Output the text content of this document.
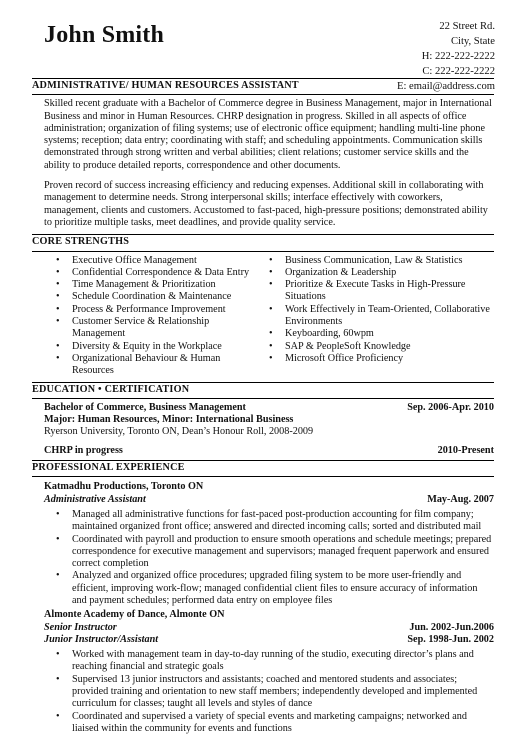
John Smith	22 Street Rd.
City, State
H: 222-222-2222
C: 222-222-2222
E: email@address.com
ADMINISTRATIVE/ HUMAN RESOURCES ASSISTANT
Skilled recent graduate with a Bachelor of Commerce degree in Business Management, major in International Business and minor in Human Resources. CHRP designation in progress. Skilled in all aspects of office administration; organization of filing systems; use of electronic office equipment; handling multi-line phone systems; reception; data entry; coordinating with staff; and scheduling appointments. Communication skills demonstrated through strong written and verbal abilities; client relations; customer service skills and the ability to produce detailed reports, correspondence and other documents.
Proven record of success increasing efficiency and reducing expenses. Additional skill in collaborating with management to determine needs. Strong interpersonal skills; interface effectively with coworkers, management, clients and customers. Accustomed to fast-paced, high-pressure positions; demonstrated ability to prioritize multiple tasks, meet deadlines, and provide quality service.
CORE STRENGTHS
• Executive Office Management
• Confidential Correspondence & Data Entry
• Time Management & Prioritization
• Schedule Coordination & Maintenance
• Process & Performance Improvement
• Customer Service & Relationship Management
• Diversity & Equity in the Workplace
• Organizational Behaviour & Human Resources
• Business Communication, Law & Statistics
• Organization & Leadership
• Prioritize & Execute Tasks in High-Pressure Situations
• Work Effectively in Team-Oriented, Collaborative Environments
• Keyboarding, 60wpm
• SAP & PeopleSoft Knowledge
• Microsoft Office Proficiency
EDUCATION • CERTIFICATION
Bachelor of Commerce, Business Management	Sep. 2006-Apr. 2010
Major: Human Resources, Minor: International Business
Ryerson University, Toronto ON, Dean’s Honour Roll, 2008-2009
CHRP in progress	2010-Present
PROFESSIONAL EXPERIENCE
Katmadhu Productions, Toronto ON
Administrative Assistant	May-Aug. 2007
• Managed all administrative functions for fast-paced post-production accounting for film company; maintained organized front office; answered and directed incoming calls; sorted and distributed mail
• Coordinated with payroll and production to ensure smooth operations and schedule meetings; prepared correspondence for executive management and supervisors; managed frequent paperwork and ensured correct completion
• Analyzed and organized office procedures; upgraded filing system to be more user-friendly and efficient, improving work-flow; managed confidential client files to ensure accuracy of information and payment schedules; performed data entry on employee files
Almonte Academy of Dance, Almonte ON
Senior Instructor	Jun. 2002-Jun.2006
Junior Instructor/Assistant	Sep. 1998-Jun. 2002
• Worked with management team in day-to-day running of the studio, executing director’s plans and reaching financial and strategic goals
• Supervised 13 junior instructors and assistants; coached and mentored students and associates; provided training and orientation to new staff members; independently developed and implemented curriculum for classes; taught all levels and styles of dance
• Coordinated and supervised a variety of special events and marketing campaigns; networked and liaised within the community for events and functions
